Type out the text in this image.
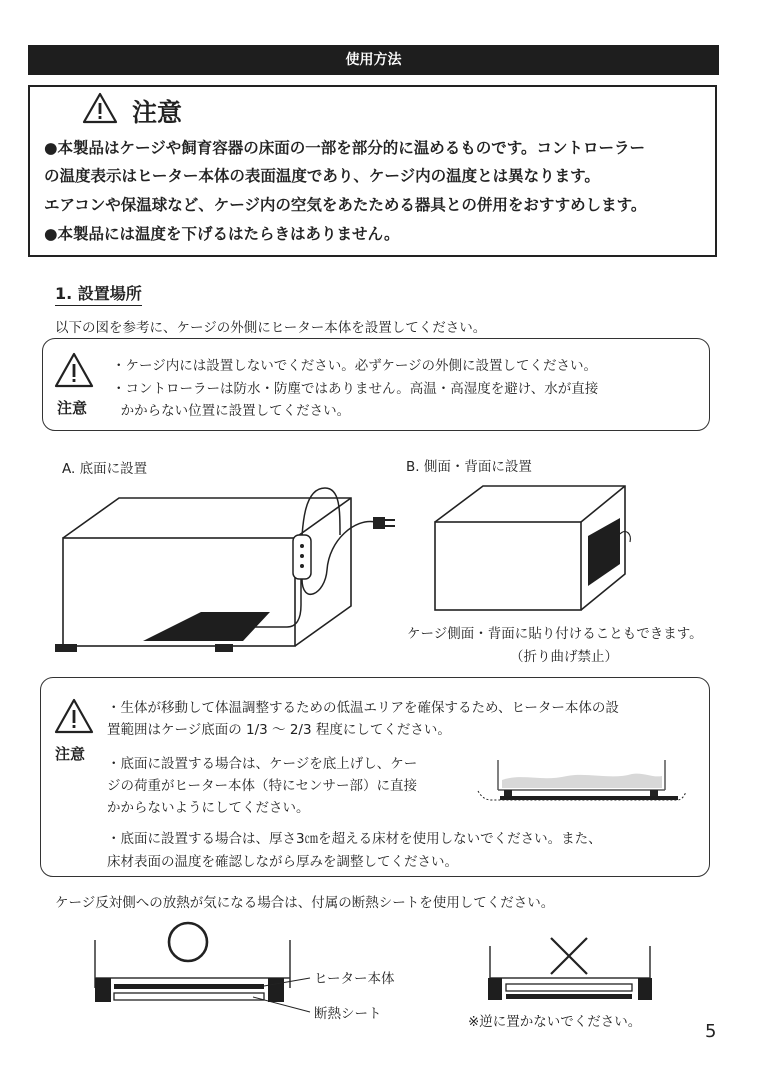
使用方法
注意
●本製品はケージや飼育容器の床面の一部を部分的に温めるものです。コントローラー
の温度表示はヒーター本体の表面温度であり、ケージ内の温度とは異なります。
エアコンや保温球など、ケージ内の空気をあたためる器具との併用をおすすめします。
●本製品には温度を下げるはたらきはありません。
1. 設置場所
以下の図を参考に、ケージの外側にヒーター本体を設置してください。
注意
・ケージ内には設置しないでください。必ずケージの外側に設置してください。
・コントローラーは防水・防塵ではありません。高温・高湿度を避け、水が直接
かからない位置に設置してください。
A. 底面に設置	B. 側面・背面に設置
ケージ側面・背面に貼り付けることもできます。
（折り曲げ禁止）
注意
・生体が移動して体温調整するための低温エリアを確保するため、ヒーター本体の設
置範囲はケージ底面の 1/3 ～ 2/3 程度にしてください。
・底面に設置する場合は、ケージを底上げし、ケー
ジの荷重がヒーター本体（特にセンサー部）に直接
かからないようにしてください。
・底面に設置する場合は、厚さ3㎝を超える床材を使用しないでください。また、
床材表面の温度を確認しながら厚みを調整してください。
ケージ反対側への放熱が気になる場合は、付属の断熱シートを使用してください。
ヒーター本体
断熱シート	※逆に置かないでください。	5
